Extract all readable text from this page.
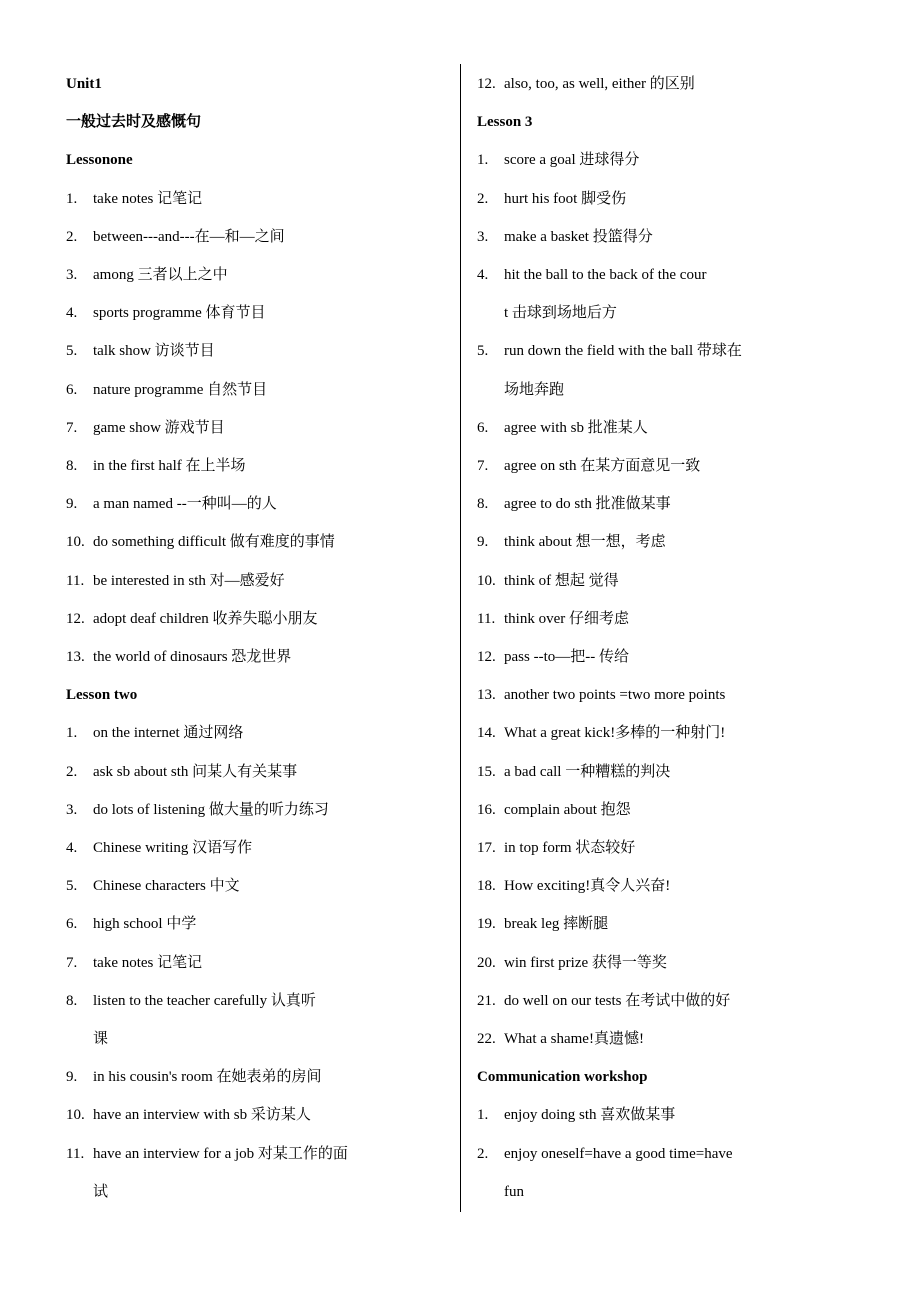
Unit1
一般过去时及感慨句
Lessonone
1. take notes 记笔记
2. between---and---在—和—之间
3. among 三者以上之中
4. sports programme 体育节目
5. talk show 访谈节目
6. nature programme 自然节目
7. game show 游戏节目
8. in the first half 在上半场
9. a man named --一种叫—的人
10. do something difficult 做有难度的事情
11. be interested in sth 对—感爱好
12. adopt deaf children 收养失聪小朋友
13. the world of dinosaurs 恐龙世界
Lesson two
1. on the internet 通过网络
2. ask sb about sth 问某人有关某事
3. do lots of listening 做大量的听力练习
4. Chinese writing 汉语写作
5. Chinese characters 中文
6. high school 中学
7. take notes 记笔记
8. listen to the teacher carefully 认真听
课
9. in his cousin's room 在她表弟的房间
10. have an interview with sb 采访某人
11. have an interview for a job 对某工作的面
试
12. also, too, as well, either 的区别
Lesson 3
1. score a goal 进球得分
2. hurt his foot 脚受伤
3. make a basket 投篮得分
4. hit the ball to the back of the cour
t 击球到场地后方
5. run down the field with the ball 带球在
场地奔跑
6. agree with sb 批准某人
7. agree on sth 在某方面意见一致
8. agree to do sth 批准做某事
9. think about 想一想，考虑
10. think of 想起 觉得
11. think over 仔细考虑
12. pass --to—把-- 传给
13. another two points =two more points
14. What a great kick!多棒的一种射门!
15. a bad call 一种糟糕的判决
16. complain about 抱怨
17. in top form 状态较好
18. How exciting!真令人兴奋!
19. break leg 摔断腿
20. win first prize 获得一等奖
21. do well on our tests 在考试中做的好
22. What a shame!真遗憾!
Communication workshop
1. enjoy doing sth 喜欢做某事
2. enjoy oneself=have a good time=have
fun
